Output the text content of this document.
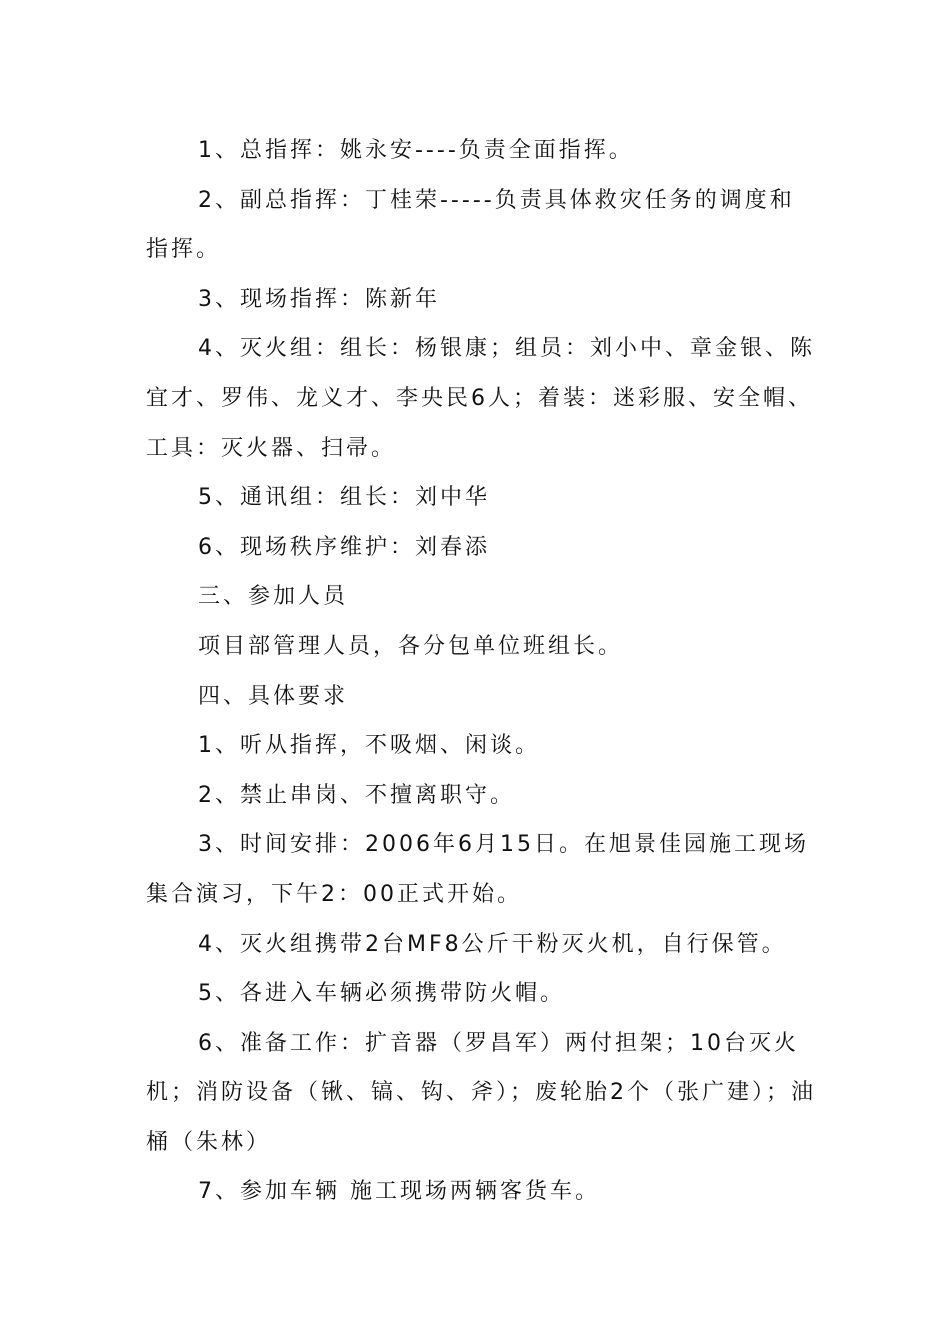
1、总指挥：姚永安----负责全面指挥。

2、副总指挥：丁桂荣-----负责具体救灾任务的调度和指挥。

3、现场指挥：陈新年

4、灭火组：组长：杨银康；组员：刘小中、章金银、陈宜才、罗伟、龙义才、李央民6人；着装：迷彩服、安全帽、工具：灭火器、扫帚。

5、通讯组：组长：刘中华

6、现场秩序维护：刘春添

三、参加人员

项目部管理人员，各分包单位班组长。

四、具体要求

1、听从指挥，不吸烟、闲谈。

2、禁止串岗、不擅离职守。

3、时间安排：2006年6月15日。在旭景佳园施工现场集合演习，下午2：00正式开始。

4、灭火组携带2台MF8公斤干粉灭火机，自行保管。

5、各进入车辆必须携带防火帽。

6、准备工作：扩音器（罗昌军）两付担架；10台灭火机；消防设备（锹、镐、钩、斧）；废轮胎2个（张广建）；油桶（朱林）

7、参加车辆 施工现场两辆客货车。
